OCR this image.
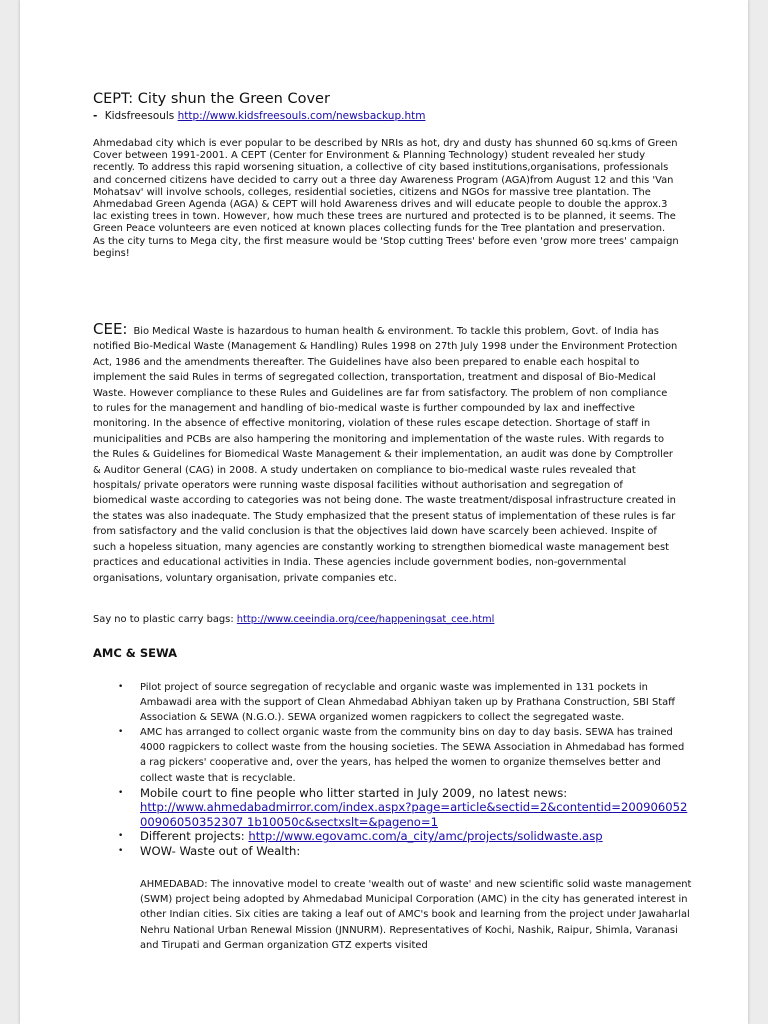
CEPT: City shun the Green Cover
- Kidsfreesouls http://www.kidsfreesouls.com/newsbackup.htm

Ahmedabad city which is ever popular to be described by NRIs as hot, dry and dusty has shunned 60 sq.kms of Green Cover between 1991-2001. A CEPT (Center for Environment & Planning Technology) student revealed her study recently. To address this rapid worsening situation, a collective of city based institutions,organisations, professionals and concerned citizens have decided to carry out a three day Awareness Program (AGA)from August 12 and this 'Van Mohatsav' will involve schools, colleges, residential societies, citizens and NGOs for massive tree plantation. The Ahmedabad Green Agenda (AGA) & CEPT will hold Awareness drives and will educate people to double the approx.3 lac existing trees in town. However, how much these trees are nurtured and protected is to be planned, it seems. The Green Peace volunteers are even noticed at known places collecting funds for the Tree plantation and preservation. As the city turns to Mega city, the first measure would be 'Stop cutting Trees' before even 'grow more trees' campaign begins!

CEE: Bio Medical Waste is hazardous to human health & environment. To tackle this problem, Govt. of India has notified Bio-Medical Waste (Management & Handling) Rules 1998 on 27th July 1998 under the Environment Protection Act, 1986 and the amendments thereafter. The Guidelines have also been prepared to enable each hospital to implement the said Rules in terms of segregated collection, transportation, treatment and disposal of Bio-Medical Waste. However compliance to these Rules and Guidelines are far from satisfactory. The problem of non compliance to rules for the management and handling of bio-medical waste is further compounded by lax and ineffective monitoring. In the absence of effective monitoring, violation of these rules escape detection. Shortage of staff in municipalities and PCBs are also hampering the monitoring and implementation of the waste rules. With regards to the Rules & Guidelines for Biomedical Waste Management & their implementation, an audit was done by Comptroller & Auditor General (CAG) in 2008. A study undertaken on compliance to bio-medical waste rules revealed that hospitals/ private operators were running waste disposal facilities without authorisation and segregation of biomedical waste according to categories was not being done. The waste treatment/disposal infrastructure created in the states was also inadequate. The Study emphasized that the present status of implementation of these rules is far from satisfactory and the valid conclusion is that the objectives laid down have scarcely been achieved. Inspite of such a hopeless situation, many agencies are constantly working to strengthen biomedical waste management best practices and educational activities in India. These agencies include government bodies, non-governmental organisations, voluntary organisation, private companies etc.

Say no to plastic carry bags: http://www.ceeindia.org/cee/happeningsat_cee.html

AMC & SEWA
• Pilot project of source segregation of recyclable and organic waste was implemented in 131 pockets in Ambawadi area with the support of Clean Ahmedabad Abhiyan taken up by Prathana Construction, SBI Staff Association & SEWA (N.G.O.). SEWA organized women ragpickers to collect the segregated waste.
• AMC has arranged to collect organic waste from the community bins on day to day basis. SEWA has trained 4000 ragpickers to collect waste from the housing societies. The SEWA Association in Ahmedabad has formed a rag pickers' cooperative and, over the years, has helped the women to organize themselves better and collect waste that is recyclable.
• Mobile court to fine people who litter started in July 2009, no latest news:
http://www.ahmedabadmirror.com/index.aspx?page=article&sectid=2&contentid=20090605200906050352307 1b10050c&sectxslt=&pageno=1
• Different projects: http://www.egovamc.com/a_city/amc/projects/solidwaste.asp
• WOW- Waste out of Wealth:
AHMEDABAD: The innovative model to create 'wealth out of waste' and new scientific solid waste management (SWM) project being adopted by Ahmedabad Municipal Corporation (AMC) in the city has generated interest in other Indian cities. Six cities are taking a leaf out of AMC's book and learning from the project under Jawaharlal Nehru National Urban Renewal Mission (JNNURM). Representatives of Kochi, Nashik, Raipur, Shimla, Varanasi and Tirupati and German organization GTZ experts visited
